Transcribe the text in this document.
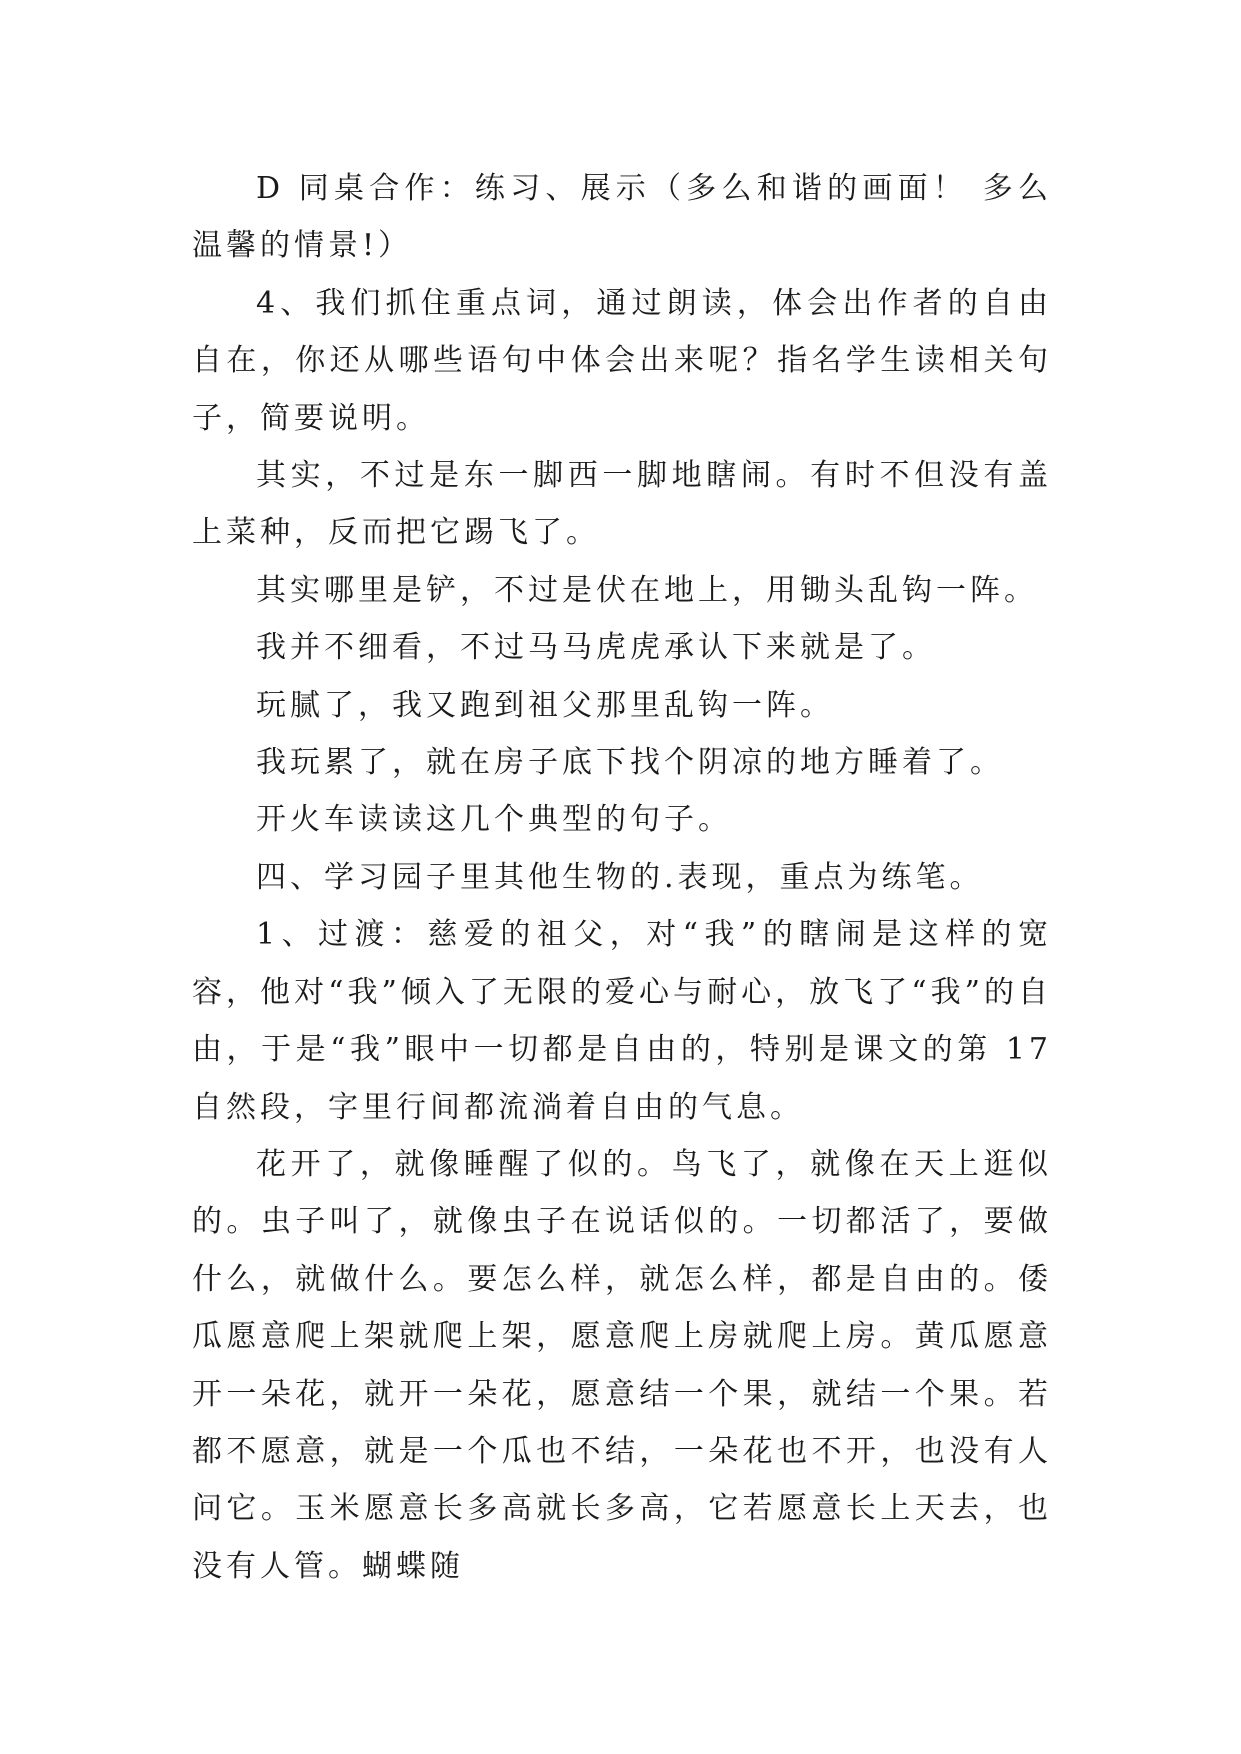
D 同桌合作：练习、展示（多么和谐的画面！ 多么温馨的情景!）

4、我们抓住重点词，通过朗读，体会出作者的自由自在，你还从哪些语句中体会出来呢？指名学生读相关句子，简要说明。

其实，不过是东一脚西一脚地瞎闹。有时不但没有盖上菜种，反而把它踢飞了。

其实哪里是铲，不过是伏在地上，用锄头乱钩一阵。

我并不细看，不过马马虎虎承认下来就是了。

玩腻了，我又跑到祖父那里乱钩一阵。

我玩累了，就在房子底下找个阴凉的地方睡着了。

开火车读读这几个典型的句子。

四、学习园子里其他生物的.表现，重点为练笔。

1、过渡：慈爱的祖父，对“我”的瞎闹是这样的宽容，他对“我”倾入了无限的爱心与耐心，放飞了“我”的自由，于是“我”眼中一切都是自由的，特别是课文的第 17 自然段，字里行间都流淌着自由的气息。

花开了，就像睡醒了似的。鸟飞了，就像在天上逛似的。虫子叫了，就像虫子在说话似的。一切都活了，要做什么，就做什么。要怎么样，就怎么样，都是自由的。倭瓜愿意爬上架就爬上架，愿意爬上房就爬上房。黄瓜愿意开一朵花，就开一朵花，愿意结一个果，就结一个果。若都不愿意，就是一个瓜也不结，一朵花也不开，也没有人问它。玉米愿意长多高就长多高，它若愿意长上天去，也没有人管。蝴蝶随
